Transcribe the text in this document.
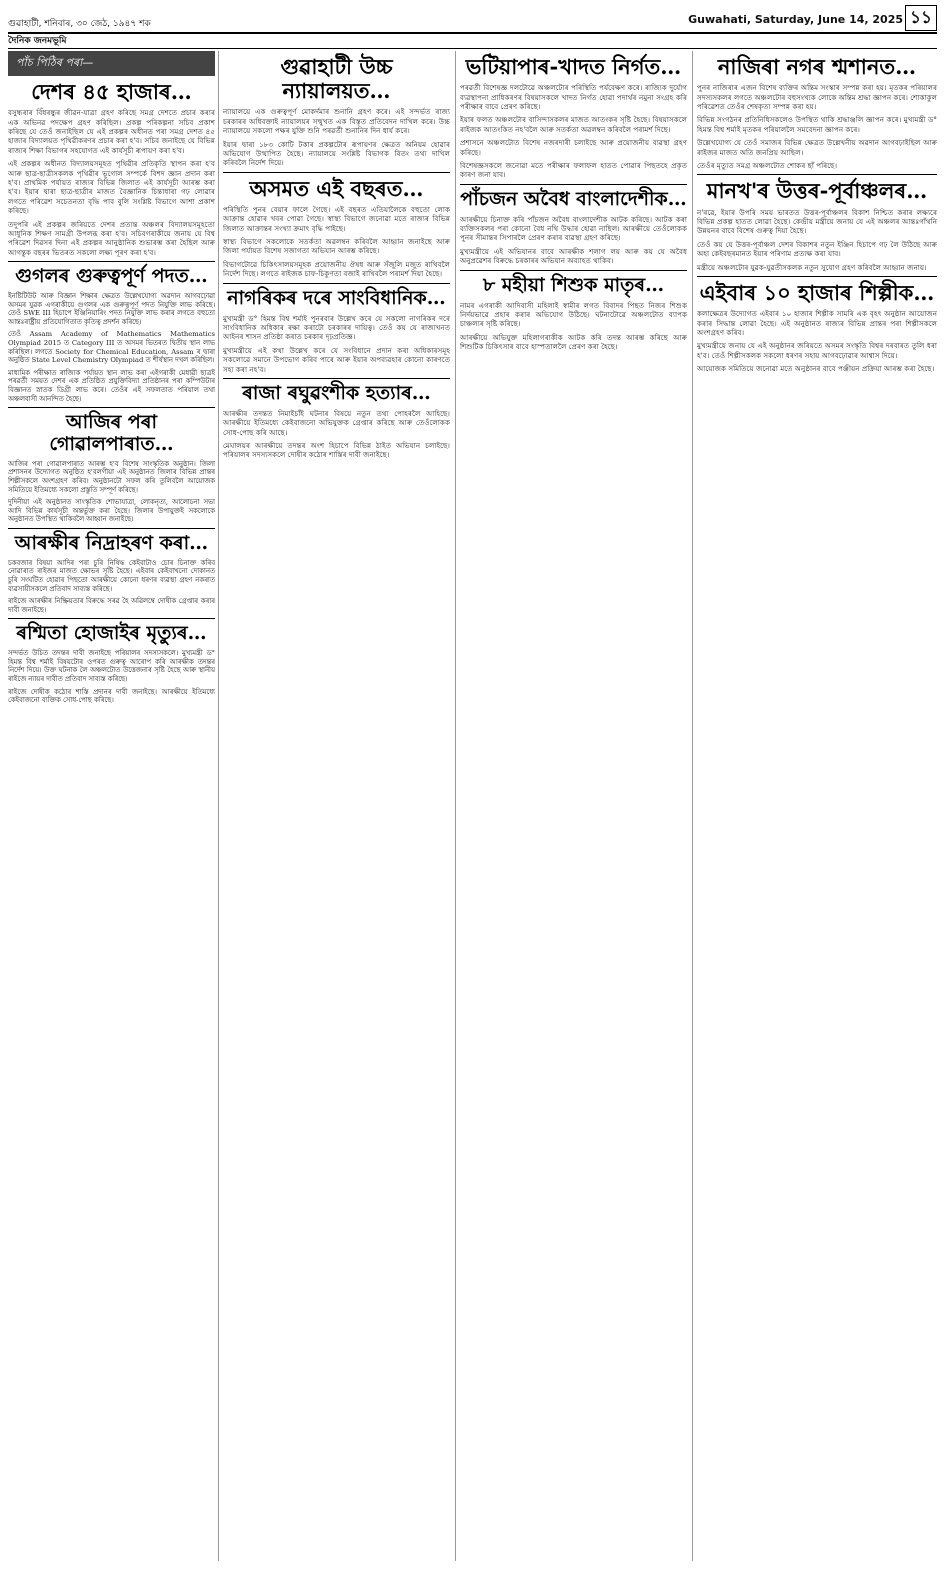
গুৱাহাটী, শনিবাৰ, ৩০ জেঠ, ১৯৪৭ শক	Guwahati, Saturday, June 14, 2025 ১১
দৈনিক জনমভূমি
পাঁচ পিঠিৰ পৰা—
দেশৰ ৪৫ হাজাৰ…

বসুন্ধৰাৰ বিঁধৰন্ধুৰ জীৱন-যাত্ৰা গ্ৰহণ কৰিছে সমগ্ৰ দেশতে প্ৰচাৰ কৰাৰ এক অভিনৱ পদক্ষেপ গ্ৰহণ কৰিছিল। প্ৰকল্প পৰিকল্পনা সচিব প্ৰকাশ কৰিছে যে তেওঁ জনাইছিল যে এই প্ৰকল্পৰ অধীনত পৰা সমগ্ৰ দেশত ৪৫ হাজাৰ বিদ্যালয়ত পৃথিৱীকৰণৰ প্ৰচাৰ কৰা হ'ব। সচিব জনাইছে যে বিভিন্ন ৰাজ্যৰ শিক্ষা বিভাগৰ সহযোগত এই কাৰ্যসূচী ৰূপায়ণ কৰা হ'ব।

এই প্ৰকল্পৰ অধীনত বিদ্যালয়সমূহত পৃথিৱীৰ প্ৰতিকৃতি স্থাপন কৰা হ'ব আৰু ছাত্ৰ-ছাত্ৰীসকলক পৃথিৱীৰ ভূগোল সম্পৰ্কে বিশদ জ্ঞান প্ৰদান কৰা হ'ব। প্ৰাথমিক পৰ্যায়ত ৰাজ্যৰ বিভিন্ন জিলাত এই কাৰ্যসূচী আৰম্ভ কৰা হ'ব। ইয়াৰ দ্বাৰা ছাত্ৰ-ছাত্ৰীৰ মাজত বৈজ্ঞানিক চিন্তাধাৰা গঢ় লোৱাৰ লগতে পৰিৱেশ সচেতনতা বৃদ্ধি পাব বুলি সংশ্লিষ্ট বিভাগে আশা প্ৰকাশ কৰিছে।

তদুপৰি এই প্ৰকল্পৰ জৰিয়তে দেশৰ প্ৰত্যন্ত অঞ্চলৰ বিদ্যালয়সমূহতো আধুনিক শিক্ষণ সামগ্ৰী উপলব্ধ কৰা হ'ব। সচিবগৰাকীয়ে জনায় যে বিশ্ব পৰিৱেশ দিৱসৰ দিনা এই প্ৰকল্পৰ আনুষ্ঠানিক শুভাৰম্ভ কৰা হৈছিল আৰু আগন্তুক বছৰৰ ভিতৰত সকলো লক্ষ্য পূৰণ কৰা হ'ব।

গুগলৰ গুৰুত্বপূৰ্ণ পদত…

ইনষ্টিটিউট আৰু বিজ্ঞান শিক্ষাৰ ক্ষেত্ৰত উল্লেখযোগ্য অৱদান আগবঢ়োৱা অসমৰ যুৱক এগৰাকীয়ে গুগলৰ এক গুৰুত্বপূৰ্ণ পদত নিযুক্তি লাভ কৰিছে। তেওঁ SWE III হিচাপে ইঞ্জিনিয়াৰিং পদত নিযুক্তি লাভ কৰাৰ লগতে বহুতো আন্তঃৰাষ্ট্ৰীয় প্ৰতিযোগিতাত কৃতিত্ব প্ৰদৰ্শন কৰিছে।

তেওঁ Assam Academy of Mathematics Mathematics Olympiad 2015 ত Category III ত অসমৰ ভিতৰত দ্বিতীয় স্থান লাভ কৰিছিল। লগতে Society for Chemical Education, Assam ৰ দ্বাৰা অনুষ্ঠিত State Level Chemistry Olympiad ত শীৰ্ষস্থান দখল কৰিছিল।

মাধ্যমিক পৰীক্ষাত ৰাজ্যিক পৰ্যায়ত স্থান লাভ কৰা এইগৰাকী মেধাৱী ছাত্ৰই পৰৱৰ্তী সময়ত দেশৰ এক প্ৰতিষ্ঠিত প্ৰযুক্তিবিদ্যা প্ৰতিষ্ঠানৰ পৰা কম্পিউটাৰ বিজ্ঞানত স্নাতক ডিগ্ৰী লাভ কৰে। তেওঁৰ এই সফলতাত পৰিয়াল তথা অঞ্চলবাসী আনন্দিত হৈছে।

আজিৰ পৰা গোৱালপাৰাত…

আজিৰ পৰা গোৱালপাৰাত আৰম্ভ হ'ব বিশেষ সাংস্কৃতিক অনুষ্ঠান। জিলা প্ৰশাসনৰ উদ্যোগত অনুষ্ঠিত হ'বলগীয়া এই অনুষ্ঠানত জিলাৰ বিভিন্ন প্ৰান্তৰ শিল্পীসকলে অংশগ্ৰহণ কৰিব। অনুষ্ঠানটো সফল কৰি তুলিবলৈ আয়োজক সমিতিয়ে ইতিমধ্যে সকলো প্ৰস্তুতি সম্পূৰ্ণ কৰিছে।

দুদিনীয়া এই অনুষ্ঠানত সাংস্কৃতিক শোভাযাত্ৰা, লোকনৃত্য, আলোচনা সভা আদি বিভিন্ন কাৰ্যসূচী অন্তৰ্ভুক্ত কৰা হৈছে। জিলাৰ উপায়ুক্তই সকলোকে অনুষ্ঠানত উপস্থিত থাকিবলৈ আহ্বান জনাইছে।

আৰক্ষীৰ নিদ্ৰাহৰণ কৰা…

চকবজাৰ বিষয়া আদিৰ পৰা চুৰি নিষিদ্ধ কেইবাটাও চোৰ চিনাক্ত কৰিব নোৱাৰাত ৰাইজৰ মাজত ক্ষোভৰ সৃষ্টি হৈছে। এইবাৰ কেইবাখনো দোকানত চুৰি সংঘটিত হোৱাৰ পিছতো আৰক্ষীয়ে কোনো ধৰণৰ ব্যৱস্থা গ্ৰহণ নকৰাত ব্যৱসায়ীসকলে প্ৰতিবাদ সাব্যস্ত কৰিছে।

ৰাইজে আৰক্ষীৰ নিষ্ক্ৰিয়তাৰ বিৰুদ্ধে সৰৱ হৈ অৱিলম্বে দোষীক গ্ৰেপ্তাৰ কৰাৰ দাবী জনাইছে।

ৰশ্মিতা হোজাইৰ মৃত্যুৰ…

সন্দৰ্ভত উচিত তদন্তৰ দাবী জনাইছে পৰিয়ালৰ সদস্যসকলে। মুখ্যমন্ত্ৰী ড° হিমন্ত বিশ্ব শৰ্মাই বিষয়টোৰ ওপৰত গুৰুত্ব আৰোপ কৰি আৰক্ষীক তদন্তৰ নিৰ্দেশ দিয়ে। উক্ত ঘটনাক লৈ অঞ্চলটোত উত্তেজনাৰ সৃষ্টি হৈছে আৰু স্থানীয় ৰাইজে ন্যায়ৰ দাবীত প্ৰতিবাদ সাব্যস্ত কৰিছে।

ৰাইজে দোষীক কঠোৰ শাস্তি প্ৰদানৰ দাবী জনাইছে। আৰক্ষীয়ে ইতিমধ্যে কেইবাজনো ব্যক্তিক সোধ-পোছ কৰিছে।

গুৱাহাটী উচ্চ ন্যায়ালয়ত…

ন্যায়ালয়ে এক গুৰুত্বপূৰ্ণ মোকৰ্দমাৰ শুনানি গ্ৰহণ কৰে। এই সন্দৰ্ভত ৰাজ্য চৰকাৰৰ অধিবক্তাই ন্যায়ালয়ৰ সন্মুখত এক বিস্তৃত প্ৰতিবেদন দাখিল কৰে। উচ্চ ন্যায়ালয়ে সকলো পক্ষৰ যুক্তি শুনি পৰৱৰ্তী শুনানিৰ দিন ধাৰ্য কৰে।

ইয়াৰ দ্বাৰা ১৮৩ কোটি টকাৰ প্ৰকল্পটোৰ ৰূপায়ণৰ ক্ষেত্ৰত অনিয়ম হোৱাৰ অভিযোগ উত্থাপিত হৈছে। ন্যায়ালয়ে সংশ্লিষ্ট বিভাগক বিতং তথ্য দাখিল কৰিবলৈ নিৰ্দেশ দিয়ে।

অসমত এই বছৰত…

পৰিস্থিতি পুনৰ বেয়াৰ ফালে গৈছে। এই বছৰত এতিয়ালৈকে বহুতো লোক আক্ৰান্ত হোৱাৰ খবৰ পোৱা গৈছে। স্বাস্থ্য বিভাগে জনোৱা মতে ৰাজ্যৰ বিভিন্ন জিলাত আক্ৰান্তৰ সংখ্যা ক্ৰমাৎ বৃদ্ধি পাইছে।

স্বাস্থ্য বিভাগে সকলোকে সতৰ্কতা অৱলম্বন কৰিবলৈ আহ্বান জনাইছে আৰু জিলা পৰ্যায়ত বিশেষ সজাগতা অভিযান আৰম্ভ কৰিছে।

বিভাগটোৱে চিকিৎসালয়সমূহক প্ৰয়োজনীয় ঔষধ আৰু সঁজুলি মজুত ৰাখিবলৈ নিৰ্দেশ দিছে। লগতে ৰাইজক চাফ-চিকুণতা বজাই ৰাখিবলৈ পৰামৰ্শ দিয়া হৈছে।

নাগৰিকৰ দৰে সাংবিধানিক…

মুখ্যমন্ত্ৰী ড° হিমন্ত বিশ্ব শৰ্মাই পুনৰবাৰ উল্লেখ কৰে যে সকলো নাগৰিকৰ দৰে সাংবিধানিক অধিকাৰ ৰক্ষা কৰাটো চৰকাৰৰ দায়িত্ব। তেওঁ কয় যে ৰাজ্যখনত আইনৰ শাসন প্ৰতিষ্ঠা কৰাত চৰকাৰ দৃঢ়প্ৰতিজ্ঞ।

মুখ্যমন্ত্ৰীয়ে এই কথা উল্লেখ কৰে যে সংবিধানে প্ৰদান কৰা অধিকাৰসমূহ সকলোৱে সমানে উপভোগ কৰিব পাৰে আৰু ইয়াৰ অপব্যৱহাৰ কোনো কাৰণতে সহ্য কৰা নহ'ব।

ৰাজা ৰঘুৱংশীক হত্যাৰ…

আৰক্ষীৰ তদন্তত নিমাইচাঁই ঘটনাৰ বিষয়ে নতুন তথ্য পোহৰলৈ আহিছে। আৰক্ষীয়ে ইতিমধ্যে কেইবাজনো অভিযুক্তক গ্ৰেপ্তাৰ কৰিছে আৰু তেওঁলোকক সোধ-পোছ কৰি আছে।

মেঘালয়ৰ আৰক্ষীয়ে তদন্তৰ অংশ হিচাপে বিভিন্ন ঠাইত অভিযান চলাইছে। পৰিয়ালৰ সদস্যসকলে দোষীৰ কঠোৰ শাস্তিৰ দাবী জনাইছে।

ভটিয়াপাৰ-খাদত নিৰ্গত…

পৰৱৰ্তী বিশেষজ্ঞ দলটোৱে অঞ্চলটোৰ পৰিস্থিতি পৰ্যবেক্ষণ কৰে। ৰাজ্যিক দুৰ্যোগ ব্যৱস্থাপনা প্ৰাধিকৰণৰ বিষয়াসকলে খাদত নিৰ্গত হোৱা পদাৰ্থৰ নমুনা সংগ্ৰহ কৰি পৰীক্ষাৰ বাবে প্ৰেৰণ কৰিছে।

ইয়াৰ ফলত অঞ্চলটোৰ বাসিন্দাসকলৰ মাজত আতংকৰ সৃষ্টি হৈছে। বিষয়াসকলে ৰাইজক আতংকিত নহ'বলৈ আৰু সতৰ্কতা অৱলম্বন কৰিবলৈ পৰামৰ্শ দিছে।

প্ৰশাসনে অঞ্চলটোত বিশেষ নজৰদাৰী চলাইছে আৰু প্ৰয়োজনীয় ব্যৱস্থা গ্ৰহণ কৰিছে।

বিশেষজ্ঞসকলে জনোৱা মতে পৰীক্ষাৰ ফলাফল হাতত পোৱাৰ পিছতহে প্ৰকৃত কাৰণ জনা যাব।

পাঁচজন অবৈধ বাংলাদেশীক…

আৰক্ষীয়ে চিনাক্ত কৰি পাঁচজন অবৈধ বাংলাদেশীক আটক কৰিছে। আটক কৰা ব্যক্তিসকলৰ পৰা কোনো বৈধ নথি উদ্ধাৰ হোৱা নাছিল। আৰক্ষীয়ে তেওঁলোকক পুনৰ সীমান্তৰ সিপাৰলৈ প্ৰেৰণ কৰাৰ ব্যৱস্থা গ্ৰহণ কৰিছে।

মুখ্যমন্ত্ৰীয়ে এই অভিযানৰ বাবে আৰক্ষীক শলাগ লয় আৰু কয় যে অবৈধ অনুপ্ৰৱেশৰ বিৰুদ্ধে চৰকাৰৰ অভিযান অব্যাহত থাকিব।

৮ মহীয়া শিশুক মাতৃৰ…

নামৰ এগৰাকী আদিবাসী মহিলাই স্বামীৰ লগত বিবাদৰ পিছত নিজৰ শিশুক নিৰ্দয়ভাৱে প্ৰহাৰ কৰাৰ অভিযোগ উঠিছে। ঘটনাটোৱে অঞ্চলটোত ব্যাপক চাঞ্চল্যৰ সৃষ্টি কৰিছে।

আৰক্ষীয়ে অভিযুক্ত মহিলাগৰাকীক আটক কৰি তদন্ত আৰম্ভ কৰিছে আৰু শিশুটিক চিকিৎসাৰ বাবে হাস্পতাললৈ প্ৰেৰণ কৰা হৈছে।

নাজিৰা নগৰ শ্মশানত…

পুনৰ নাজিৰাৰ এজন বিশেষ ব্যক্তিৰ অন্তিম সংস্কাৰ সম্পন্ন কৰা হয়। মৃতকৰ পৰিয়ালৰ সদস্যসকলৰ লগতে অঞ্চলটোৰ বহুসংখ্যক লোকে অন্তিম শ্ৰদ্ধা জ্ঞাপন কৰে। শোকাকুল পৰিৱেশত তেওঁৰ শেষকৃত্য সম্পন্ন কৰা হয়।

বিভিন্ন সংগঠনৰ প্ৰতিনিধিসকলেও উপস্থিত থাকি শ্ৰদ্ধাঞ্জলি জ্ঞাপন কৰে। মুখ্যমন্ত্ৰী ড° হিমন্ত বিশ্ব শৰ্মাই মৃতকৰ পৰিয়াললৈ সমবেদনা জ্ঞাপন কৰে।

উল্লেখযোগ্য যে তেওঁ সমাজৰ বিভিন্ন ক্ষেত্ৰত উল্লেখনীয় অৱদান আগবঢ়াইছিল আৰু ৰাইজৰ মাজত অতি জনপ্ৰিয় আছিল।

তেওঁৰ মৃত্যুত সমগ্ৰ অঞ্চলটোত শোকৰ ছাঁ পৰিছে।

মানখ'ৰ উত্তৰ-পূৰ্বাঞ্চলৰ…

ন'ৰৱে, ইয়াৰ উপৰি সময় ভাৰতত উত্তৰ-পূৰ্বাঞ্চলৰ বিকাশ নিশ্চিত কৰাৰ লক্ষ্যৰে বিভিন্ন প্ৰকল্প হাতত লোৱা হৈছে। কেন্দ্ৰীয় মন্ত্ৰীয়ে জনায় যে এই অঞ্চলৰ আন্তঃগাঁথনি উন্নয়নৰ বাবে বিশেষ গুৰুত্ব দিয়া হৈছে।

তেওঁ কয় যে উত্তৰ-পূৰ্বাঞ্চল দেশৰ বিকাশৰ নতুন ইঞ্জিন হিচাপে গঢ় লৈ উঠিছে আৰু অহা কেইবছৰমানত ইয়াৰ পৰিণাম প্ৰত্যক্ষ কৰা যাব।

মন্ত্ৰীয়ে অঞ্চলটোৰ যুৱক-যুৱতীসকলক নতুন সুযোগ গ্ৰহণ কৰিবলৈ আহ্বান জনায়।

এইবাৰ ১০ হাজাৰ শিল্পীক…

কলাক্ষেত্ৰৰ উদ্যোগত এইবাৰ ১০ হাজাৰ শিল্পীক সামৰি এক বৃহৎ অনুষ্ঠান আয়োজন কৰাৰ সিদ্ধান্ত লোৱা হৈছে। এই অনুষ্ঠানত ৰাজ্যৰ বিভিন্ন প্ৰান্তৰ পৰা শিল্পীসকলে অংশগ্ৰহণ কৰিব।

মুখ্যমন্ত্ৰীয়ে জনায় যে এই অনুষ্ঠানৰ জৰিয়তে অসমৰ সংস্কৃতি বিশ্বৰ দৰবাৰত তুলি ধৰা হ'ব। তেওঁ শিল্পীসকলক সকলো ধৰণৰ সহায় আগবঢ়োৱাৰ আশ্বাস দিয়ে।

আয়োজক সমিতিয়ে জনোৱা মতে অনুষ্ঠানৰ বাবে পঞ্জীয়ন প্ৰক্ৰিয়া আৰম্ভ কৰা হৈছে।
